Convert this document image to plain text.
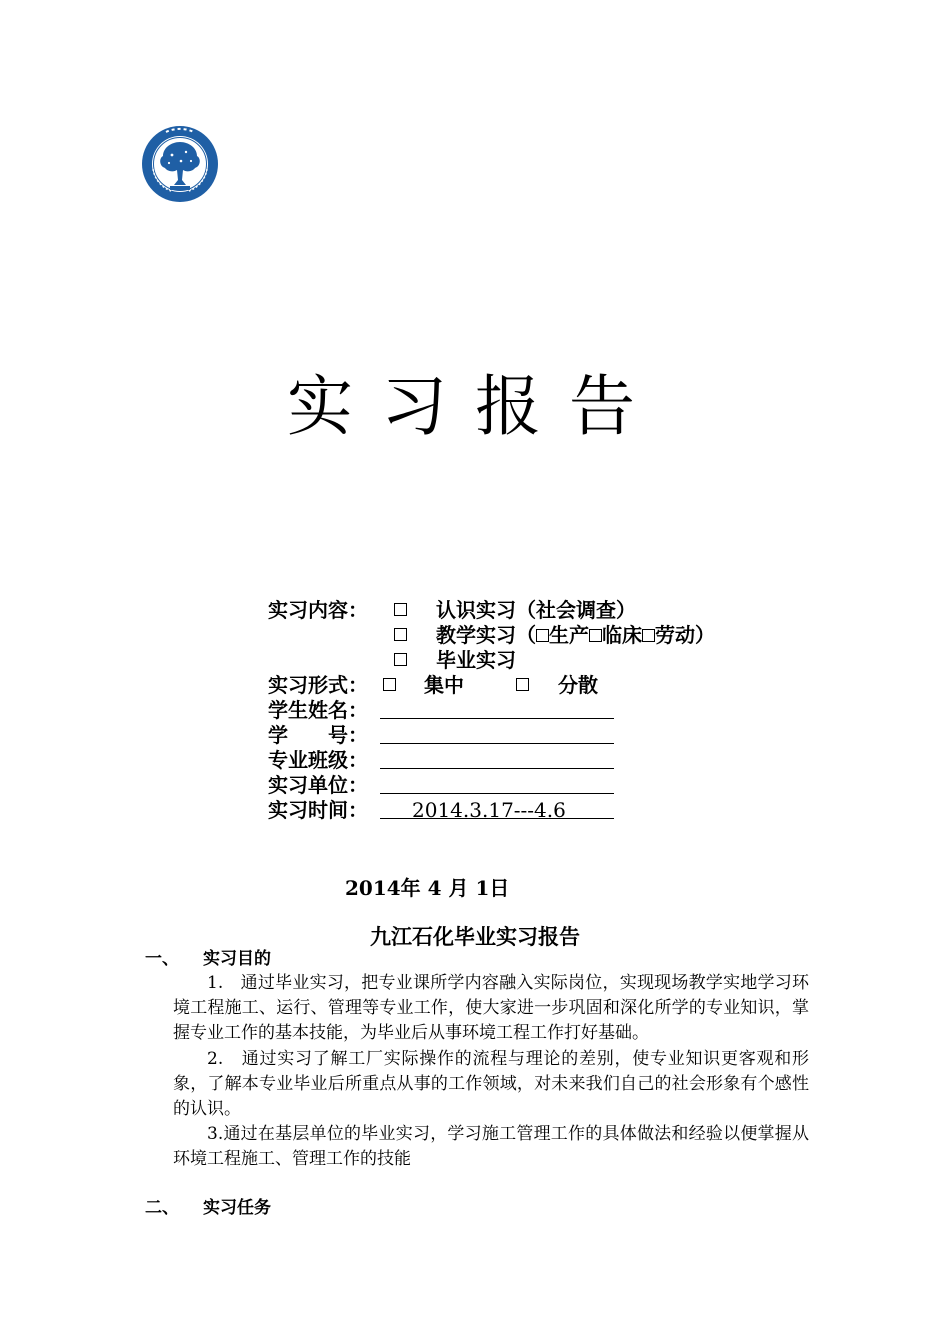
实习报告
实习内容：	认识实习（社会调查）
教学实习（ 生产 临床 劳动）
毕业实习
实习形式：	集中	分散
学生姓名：
学 号：
专业班级：
实习单位：
实习时间： 2014.3.17---4.6
2014年 4 月 1日
九江石化毕业实习报告
一、 实习目的

1.　通过毕业实习，把专业课所学内容融入实际岗位，实现现场教学实地学习环境工程施工、运行、管理等专业工作，使大家进一步巩固和深化所学的专业知识，掌握专业工作的基本技能，为毕业后从事环境工程工作打好基础。

2.　通过实习了解工厂实际操作的流程与理论的差别，使专业知识更客观和形象，了解本专业毕业后所重点从事的工作领域，对未来我们自己的社会形象有个感性的认识。

3.通过在基层单位的毕业实习，学习施工管理工作的具体做法和经验以便掌握从环境工程施工、管理工作的技能

二、 实习任务
